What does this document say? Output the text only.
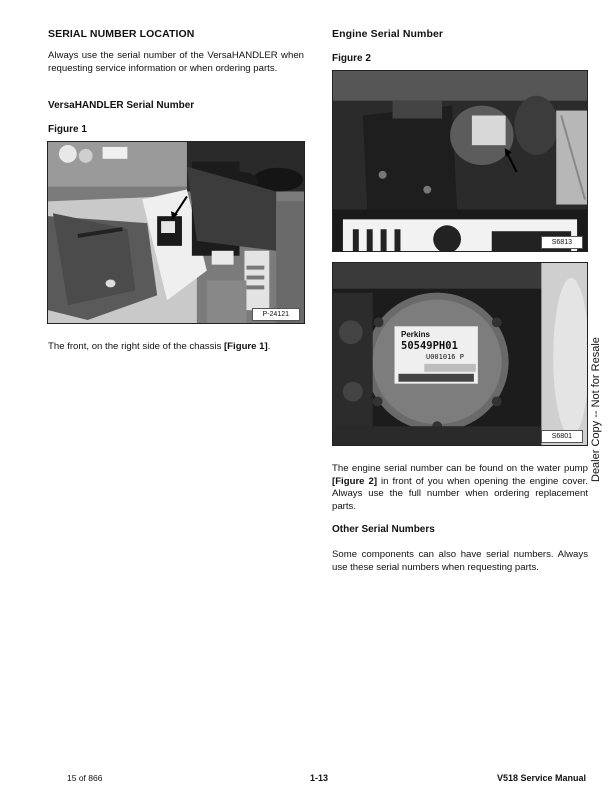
SERIAL NUMBER LOCATION
Always use the serial number of the VersaHANDLER when requesting service information or when ordering parts.
VersaHANDLER Serial Number
Figure 1
P-24121
The front, on the right side of the chassis [Figure 1].
Engine Serial Number
Figure 2
S6813
Perkins
50549PH01
U001016 P
S6801
The engine serial number can be found on the water pump [Figure 2] in front of you when opening the engine cover. Always use the full number when ordering replacement parts.
Other Serial Numbers
Some components can also have serial numbers. Always use these serial numbers when requesting parts.
Dealer Copy -- Not for Resale
15 of 866	1-13	V518 Service Manual
